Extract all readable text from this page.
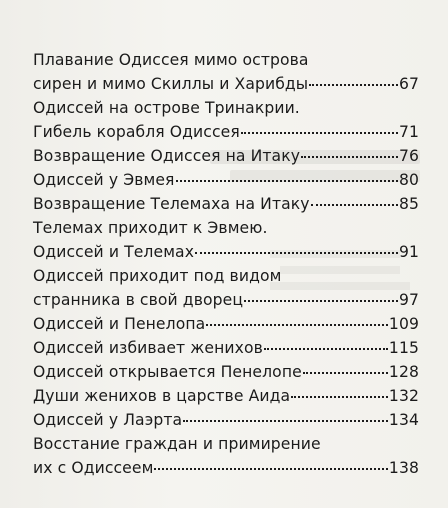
Плавание Одиссея мимо острова
сирен и мимо Скиллы и Харибды	67
Одиссей на острове Тринакрии.
Гибель корабля Одиссея	71
Возвращение Одиссея на Итаку	76
Одиссей у Эвмея	80
Возвращение Телемаха на Итаку	85
Телемах приходит к Эвмею.
Одиссей и Телемах	91
Одиссей приходит под видом
странника в свой дворец	97
Одиссей и Пенелопа	109
Одиссей избивает женихов	115
Одиссей открывается Пенелопе	128
Души женихов в царстве Аида	132
Одиссей у Лаэрта	134
Восстание граждан и примирение
их с Одиссеем	138
